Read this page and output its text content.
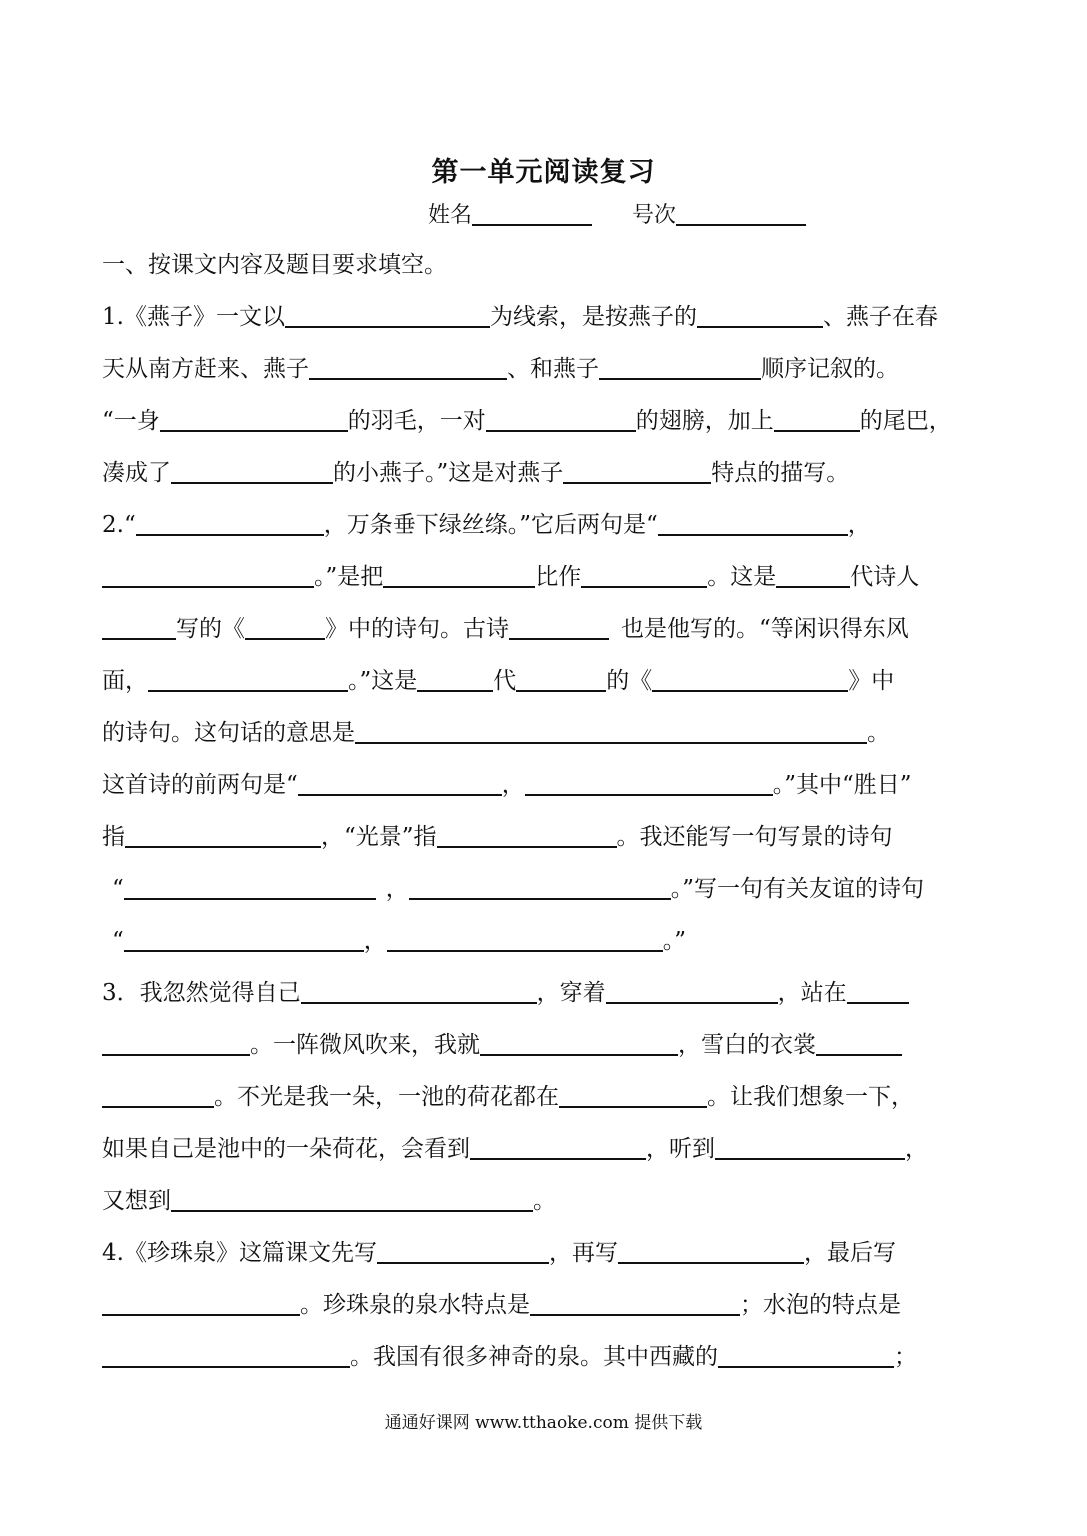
第一单元阅读复习
姓名	号次
一、按课文内容及题目要求填空。
1.《燕子》一文以	为线索，是按燕子的	、燕子在春
天从南方赶来、燕子	、和燕子	顺序记叙的。
“一身	的羽毛，一对	的翅膀，加上	的尾巴，
凑成了	的小燕子。”这是对燕子	特点的描写。
2.“	，万条垂下绿丝绦。”它后两句是“	，
。”是把	比作	。这是	代诗人
写的《	》中的诗句。古诗	也是他写的。“等闲识得东风
面，	。”这是	代	的《	》中
的诗句。这句话的意思是	。
这首诗的前两句是“	，	。”其中“胜日”
指	，“光景”指	。我还能写一句写景的诗句
“	，	。”写一句有关友谊的诗句
“	，	。”
3．我忽然觉得自己	，穿着	，站在
。一阵微风吹来，我就	，雪白的衣裳
。不光是我一朵，一池的荷花都在	。让我们想象一下，
如果自己是池中的一朵荷花，会看到	，听到	，
又想到	。
4.《珍珠泉》这篇课文先写	，再写	，最后写
。珍珠泉的泉水特点是	；水泡的特点是
。我国有很多神奇的泉。其中西藏的	；
通通好课网 www.tthaoke.com 提供下载
